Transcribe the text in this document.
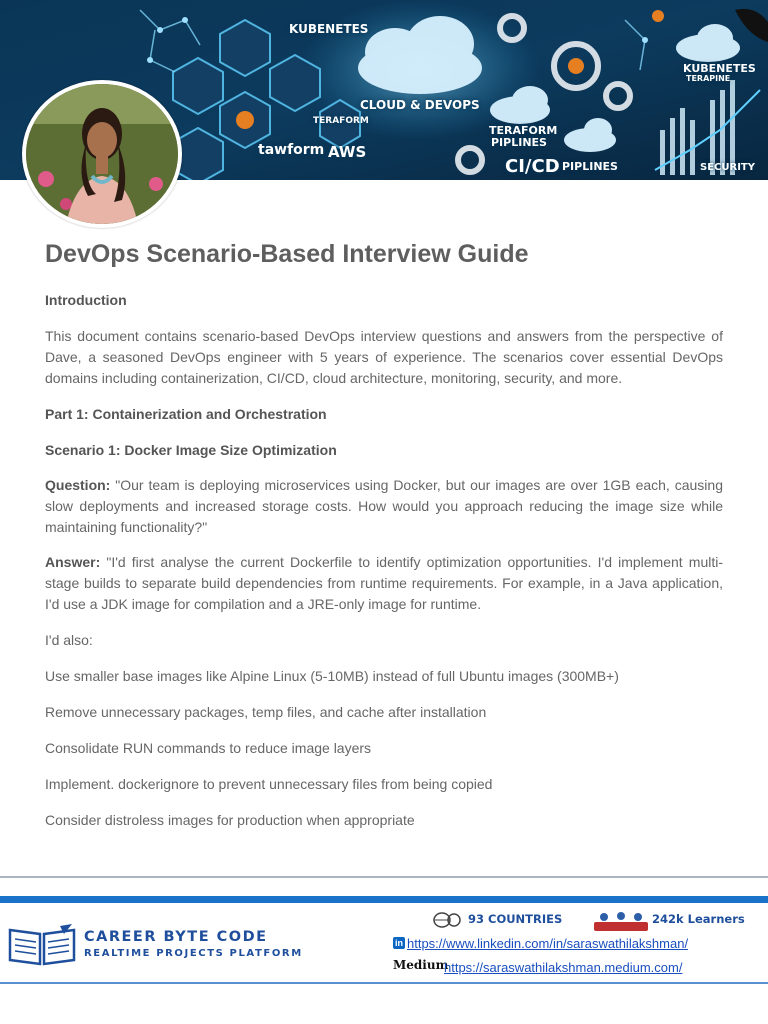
KUBENETES
CLOUD & DEVOPS
TERAFORM
tawform AWS
TERAFORM
PIPLINES
CI/CD PIPLINES
KUBENETES
TERAPINE
SECURITY
DevOps Scenario-Based Interview Guide

Introduction

This document contains scenario-based DevOps interview questions and answers from the perspective of Dave, a seasoned DevOps engineer with 5 years of experience. The scenarios cover essential DevOps domains including containerization, CI/CD, cloud architecture, monitoring, security, and more.

Part 1: Containerization and Orchestration

Scenario 1: Docker Image Size Optimization

Question: "Our team is deploying microservices using Docker, but our images are over 1GB each, causing slow deployments and increased storage costs. How would you approach reducing the image size while maintaining functionality?"

Answer: "I'd first analyse the current Dockerfile to identify optimization opportunities. I'd implement multi-stage builds to separate build dependencies from runtime requirements. For example, in a Java application, I'd use a JDK image for compilation and a JRE-only image for runtime.

I'd also:

Use smaller base images like Alpine Linux (5-10MB) instead of full Ubuntu images (300MB+)

Remove unnecessary packages, temp files, and cache after installation

Consolidate RUN commands to reduce image layers

Implement. dockerignore to prevent unnecessary files from being copied

Consider distroless images for production when appropriate

CAREER BYTE CODE
REALTIME PROJECTS PLATFORM
93 COUNTRIES	242k Learners
in https://www.linkedin.com/in/saraswathilakshman/
Medium
https://saraswathilakshman.medium.com/
